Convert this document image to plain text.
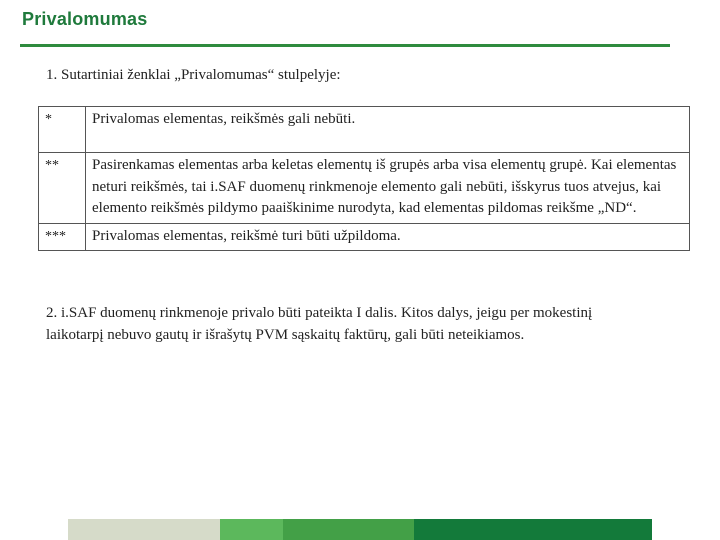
Privalomumas
1. Sutartiniai ženklai „Privalomumas“ stulpelyje:
*	Privalomas elementas, reikšmės gali nebūti.
**	Pasirenkamas elementas arba keletas elementų iš grupės arba visa elementų grupė. Kai elementas neturi reikšmės, tai i.SAF duomenų rinkmenoje elemento gali nebūti, išskyrus tuos atvejus, kai elemento reikšmės pildymo paaiškinime nurodyta, kad elementas pildomas reikšme „ND“.
***	Privalomas elementas, reikšmė turi būti užpildoma.
2. i.SAF duomenų rinkmenoje privalo būti pateikta I dalis. Kitos dalys, jeigu per mokestinį laikotarpį nebuvo gautų ir išrašytų PVM sąskaitų faktūrų, gali būti neteikiamos.
